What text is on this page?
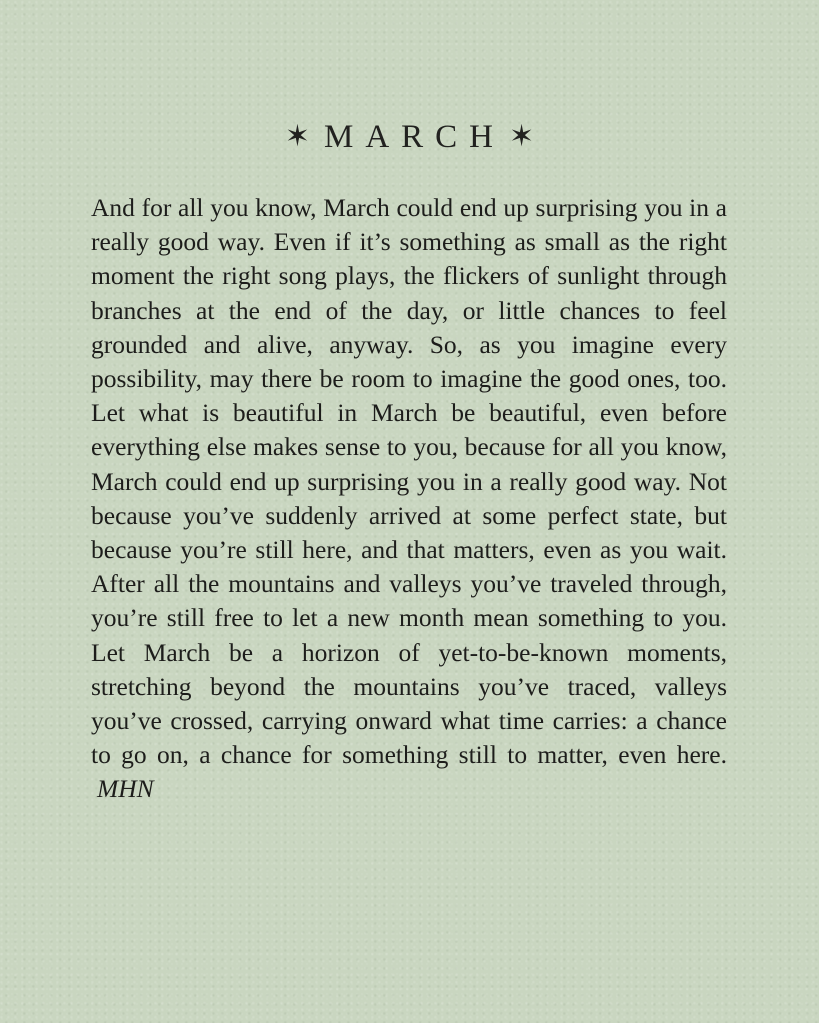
✶ MARCH ✶

And for all you know, March could end up surprising you in a really good way. Even if it’s something as small as the right moment the right song plays, the flickers of sunlight through branches at the end of the day, or little chances to feel grounded and alive, anyway. So, as you imagine every possibility, may there be room to imagine the good ones, too. Let what is beautiful in March be beautiful, even before everything else makes sense to you, because for all you know, March could end up surprising you in a really good way. Not because you’ve suddenly arrived at some perfect state, but because you’re still here, and that matters, even as you wait. After all the mountains and valleys you’ve traveled through, you’re still free to let a new month mean something to you. Let March be a horizon of yet-to-be-known moments, stretching beyond the mountains you’ve traced, valleys you’ve crossed, carrying onward what time carries: a chance to go on, a chance for something still to matter, even here. MHN
